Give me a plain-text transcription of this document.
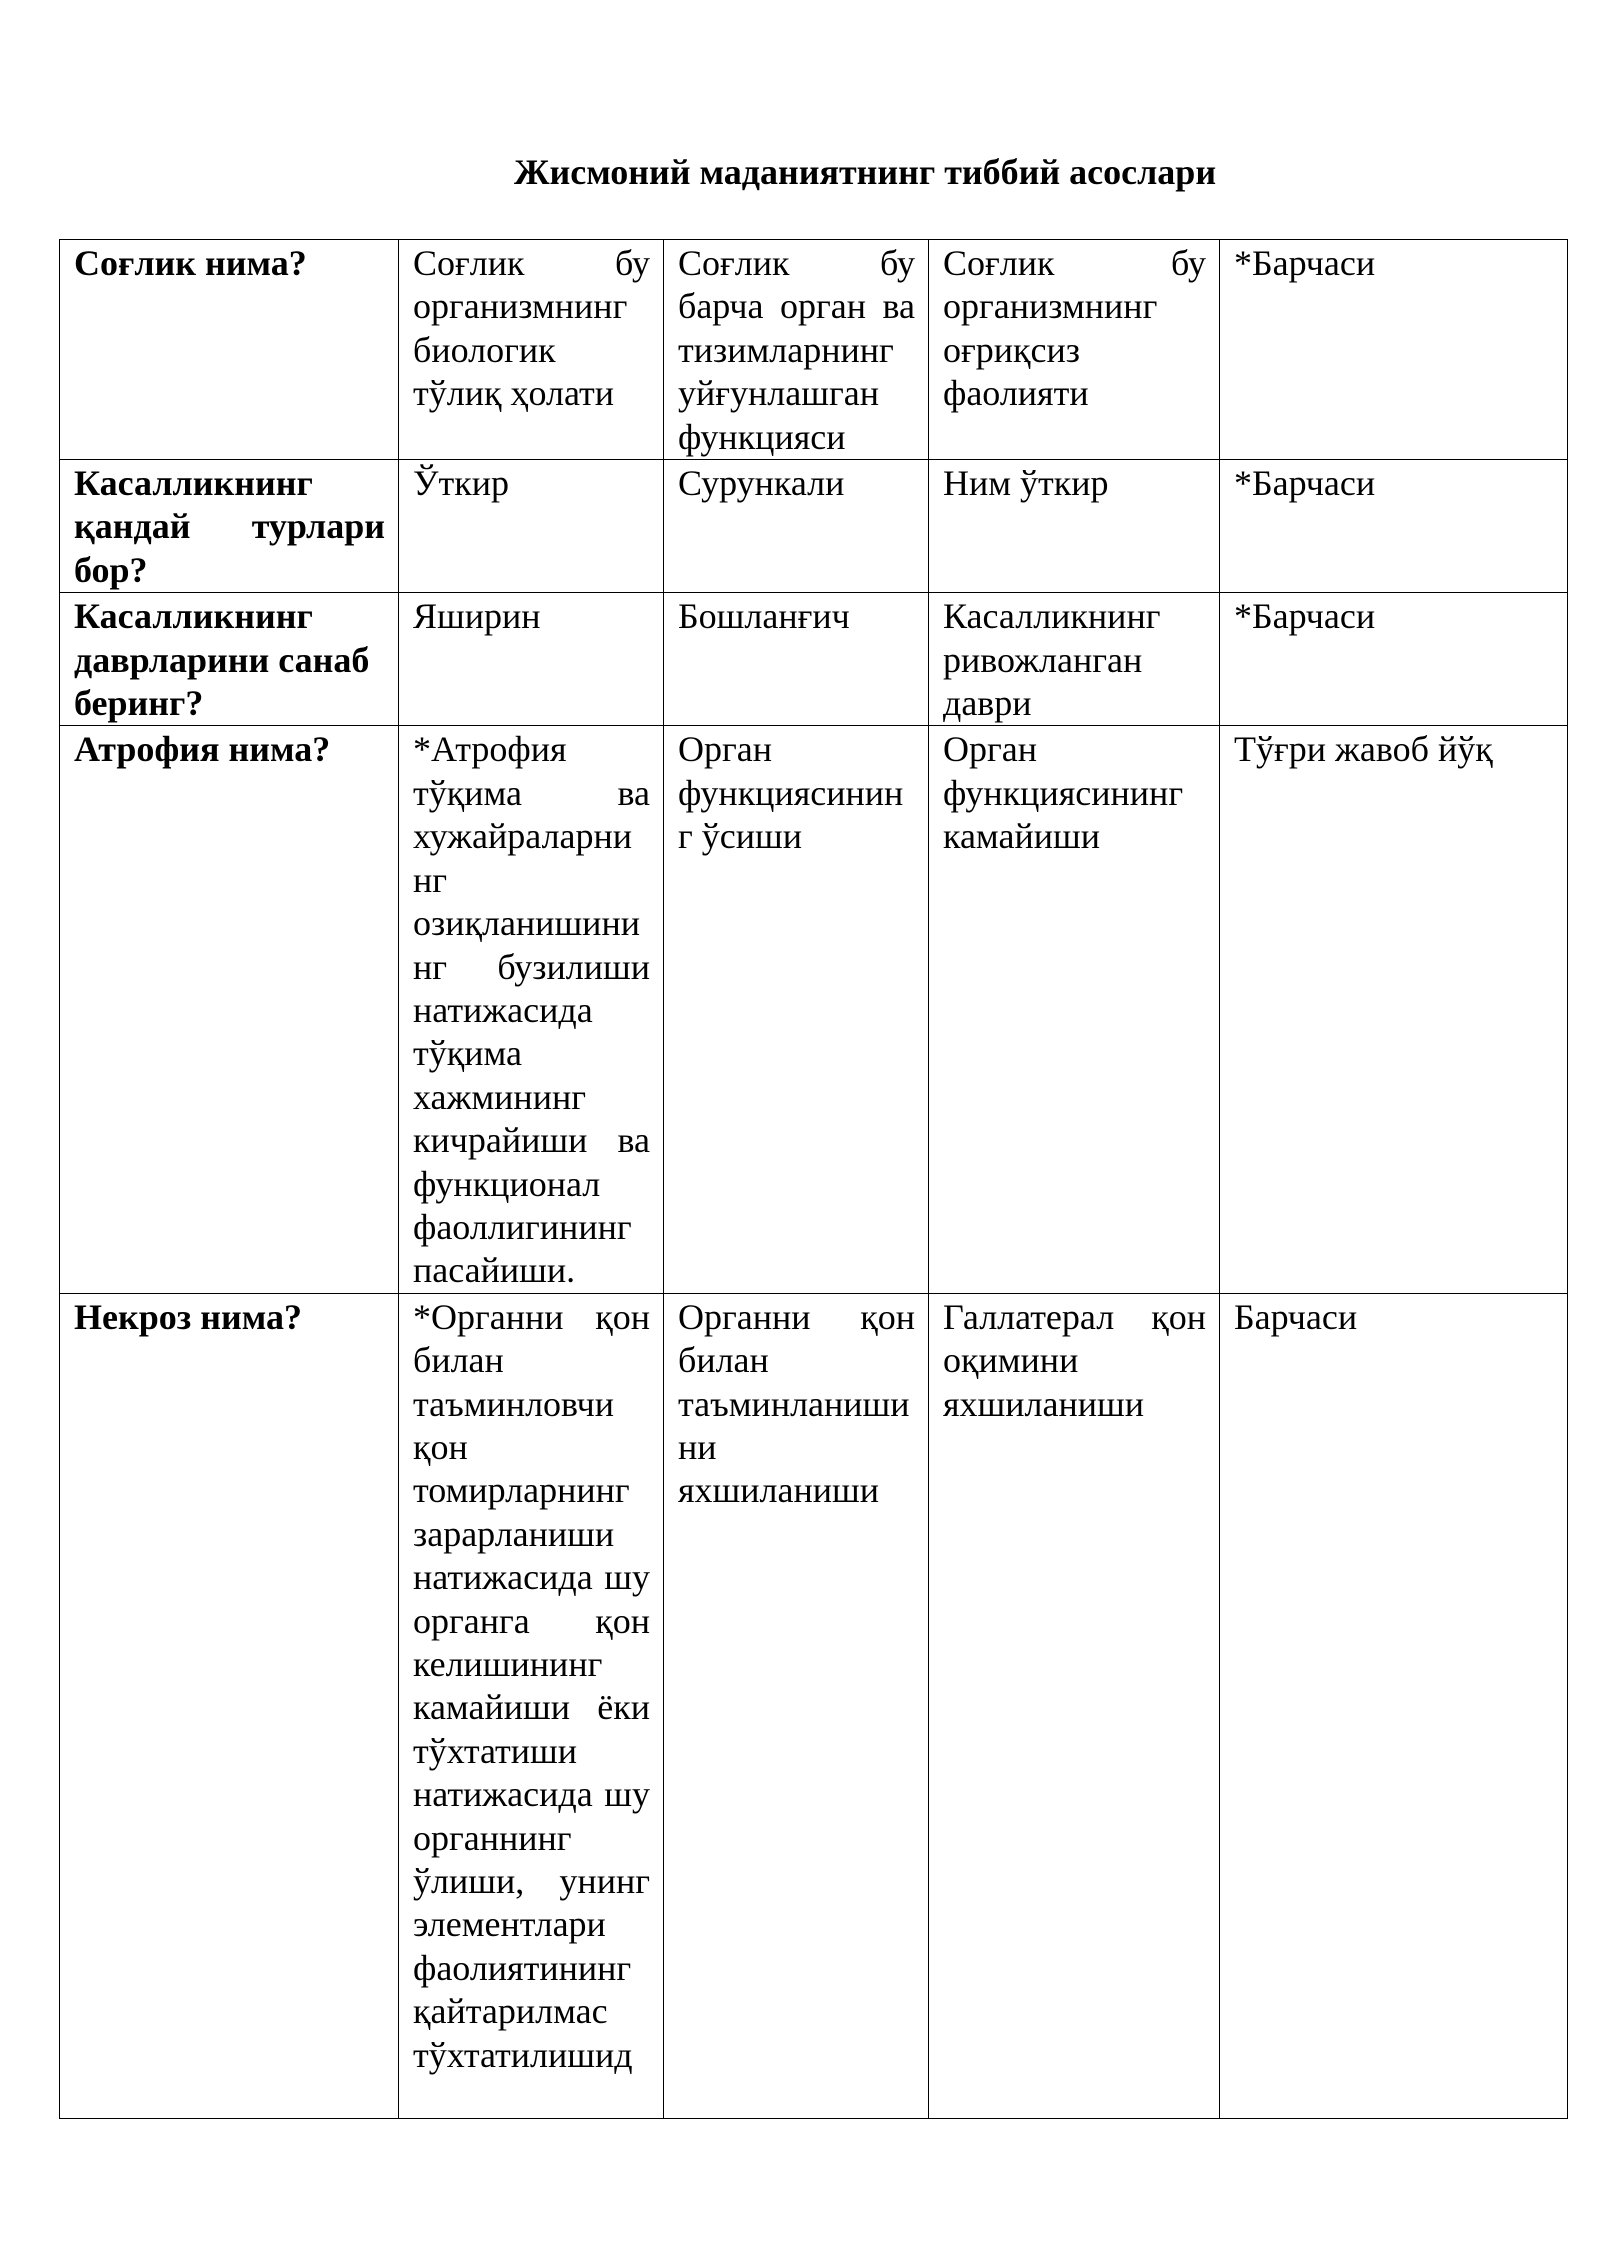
Жисмоний маданиятнинг тиббий асослари
Соғлик нима?	Соғлик бу организмнинг биологик тўлиқ ҳолати	Соғлик бу барча орган ва тизимларнинг уйғунлашган функцияси	Соғлик бу организмнинг оғриқсиз фаолияти	*Барчаси
Касалликнинг қандай турлари бор?	Ўткир	Сурункали	Ним ўткир	*Барчаси
Касалликнинг даврларини санаб беринг?	Яширин	Бошланғич	Касалликнинг ривожланган даври	*Барчаси
Атрофия нима?	*Атрофия тўқима ва хужайраларнинг озиқланишининг бузилиши натижасида тўқима хажмининг кичрайиши ва функционал фаоллигининг пасайиши.	Орган функциясининг ўсиши	Орган функциясининг камайиши	Тўғри жавоб йўқ
Некроз нима?	*Органни қон билан таъминловчи қон томирларнинг зарарланиши натижасида шу органга қон келишининг камайиши ёки тўхтатиши натижасида шу органнинг ўлиши, унинг элементлари фаолиятининг қайтарилмас тўхтатилишид	Органни қон билан таъминланишини яхшиланиши	Галлатерал қон оқимини яхшиланиши	Барчаси
